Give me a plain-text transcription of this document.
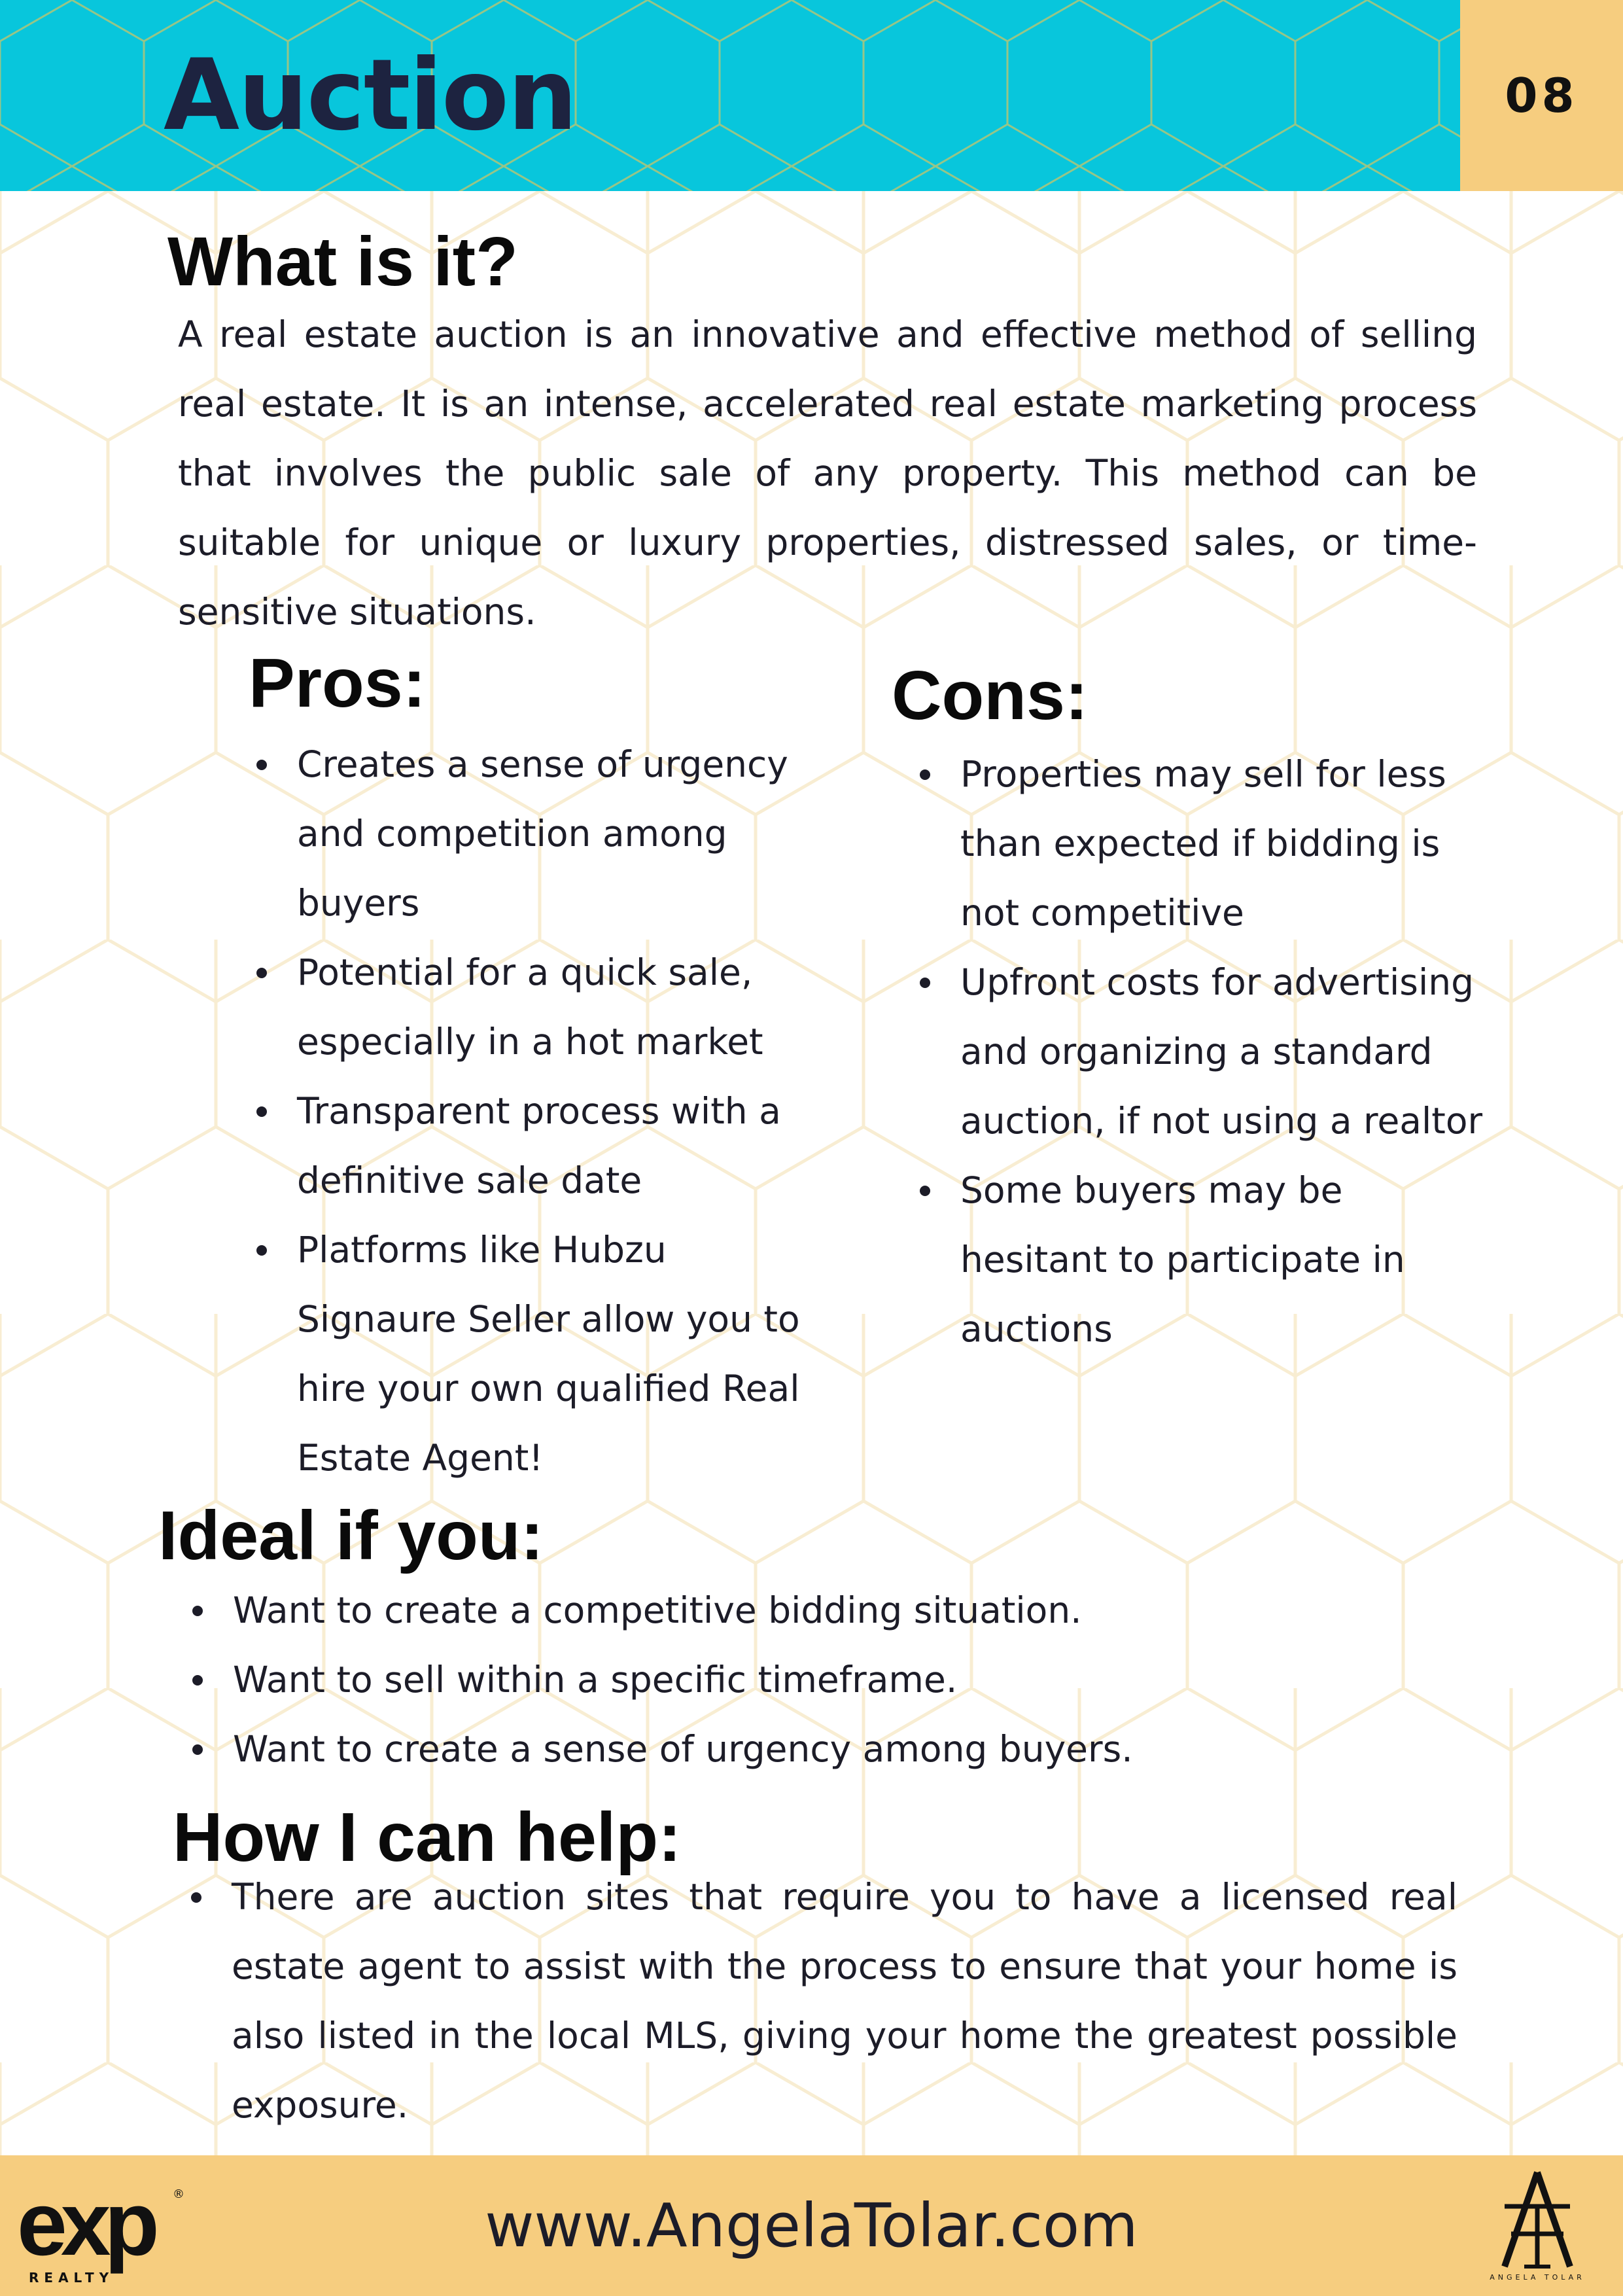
Auction	08
What is it?

A real estate auction is an innovative and effective method of selling real estate. It is an intense, accelerated real estate marketing process that involves the public sale of any property. This method can be suitable for unique or luxury properties, distressed sales, or time-sensitive situations.

Pros:
Creates a sense of urgency and competition among buyers
Potential for a quick sale, especially in a hot market
Transparent process with a definitive sale date
Platforms like Hubzu Signaure Seller allow you to hire your own qualified Real Estate Agent!
Cons:
Properties may sell for less than expected if bidding is not competitive
Upfront costs for advertising and organizing a standard auction, if not using a realtor
Some buyers may be hesitant to participate in auctions
Ideal if you:
Want to create a competitive bidding situation.
Want to sell within a specific timeframe.
Want to create a sense of urgency among buyers.
How I can help:
There are auction sites that require you to have a licensed real estate agent to assist with the process to ensure that your home is also listed in the local MLS, giving your home the greatest possible exposure.
www.AngelaTolar.com
exp ®
REALTY	ANGELA TOLAR
